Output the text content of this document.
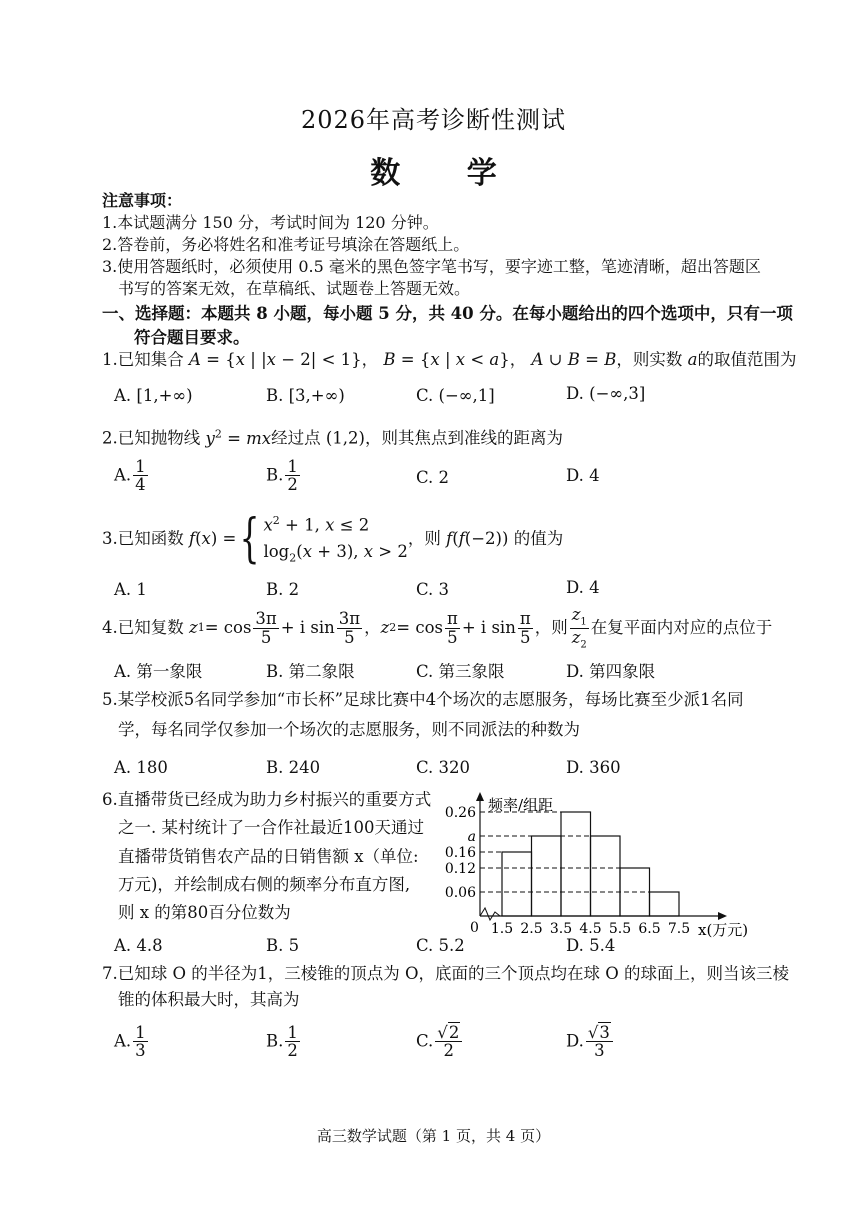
2026年高考诊断性测试
数 学
注意事项：
1.本试题满分 150 分，考试时间为 120 分钟。
2.答卷前，务必将姓名和准考证号填涂在答题纸上。
3.使用答题纸时，必须使用 0.5 毫米的黑色签字笔书写，要字迹工整，笔迹清晰，超出答题区
书写的答案无效，在草稿纸、试题卷上答题无效。
一、选择题：本题共 8 小题，每小题 5 分，共 40 分。在每小题给出的四个选项中，只有一项
符合题目要求。
1.已知集合 A = {x | |x − 2| < 1}， B = {x | x < a}， A ∪ B = B，则实数 a的取值范围为
A. [1,+∞)	B. [3,+∞)	C. (−∞,1]	D. (−∞,3]
2.已知抛物线 $y^2$ = mx经过点 (1,2)，则其焦点到准线的距离为
A. $\frac{1}{4}$	B. $\frac{1}{2}$	C. 2	D. 4
3. 已知函数
f ( x ) = { $x^2 + 1$, x ≤ 2
$\log_2(x + 3)$, x > 2
，则
f(f(−2))
的值为
A. 1	B. 2	C. 3	D. 4
4. 已知复数
z $1 = \cos \frac{3\pi}{5} + i$ $\sin \frac{3\pi}{5}$ ， z $2 = \cos \frac{\pi}{5} + i$ $\sin \frac{\pi}{5}$ ，则 $\frac{z_1}{z_2}$ 在复平面内对应的点位于
A. 第一象限	B. 第二象限	C. 第三象限	D. 第四象限
5.某学校派5名同学参加“市长杯”足球比赛中4个场次的志愿服务，每场比赛至少派1名同
学，每名同学仅参加一个场次的志愿服务，则不同派法的种数为
A. 180	B. 240	C. 320	D. 360
6.直播带货已经成为助力乡村振兴的重要方式
之一. 某村统计了一合作社最近100天通过
直播带货销售农产品的日销售额 x（单位:
万元)，并绘制成右侧的频率分布直方图,
则 x 的第80百分位数为
频率/组距
x(万元)
0
0.26
a
0.16
0.12
0.06
1.5 2.5 3.5 4.5 5.5 6.5 7.5
A. 4.8	B. 5	C. 5.2	D. 5.4
7.已知球 O 的半径为1，三棱锥的顶点为 O，底面的三个顶点均在球 O 的球面上，则当该三棱
锥的体积最大时，其高为
A. $\frac{1}{3}$	B. $\frac{1}{2}$	C. $\frac{√2}{2}$	D. $\frac{√3}{3}$
高三数学试题（第 1 页，共 4 页）
